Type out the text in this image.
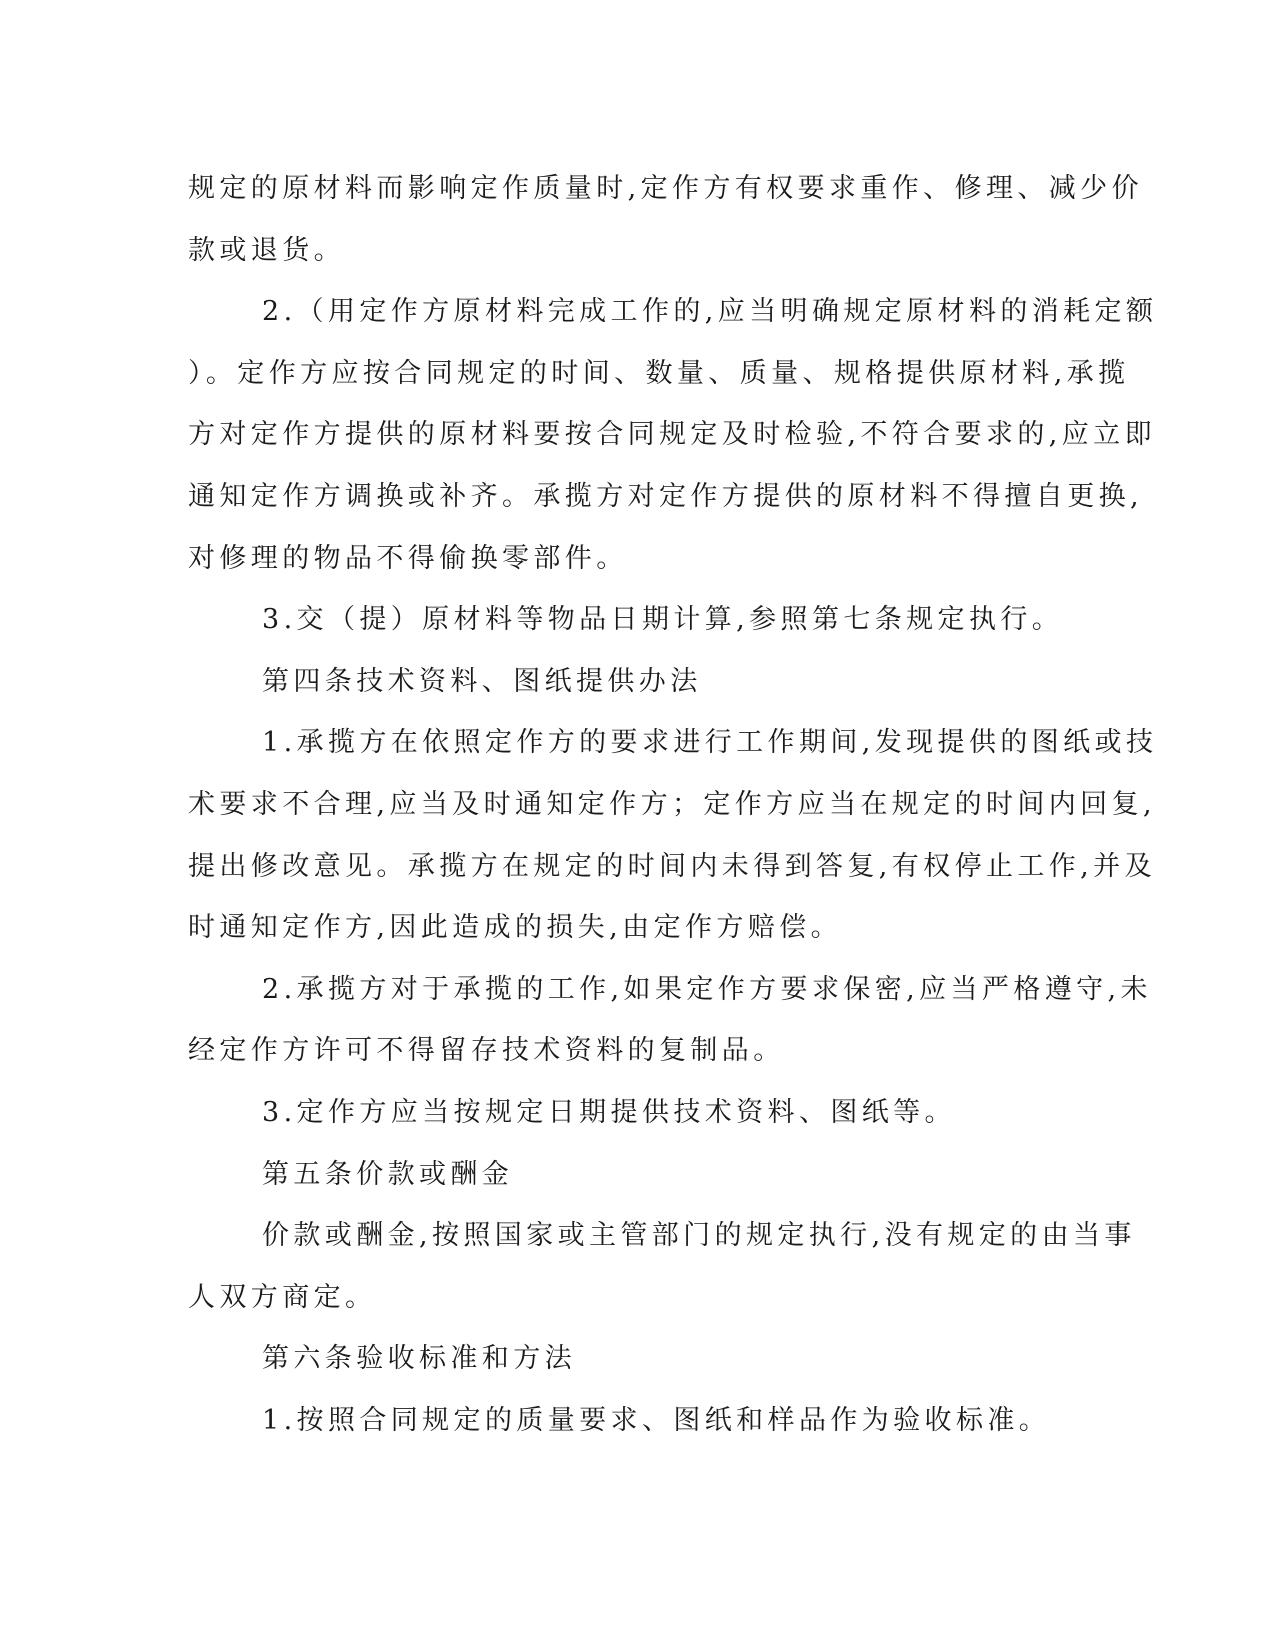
规定的原材料而影响定作质量时,定作方有权要求重作、修理、减少价
款或退货。
2.（用定作方原材料完成工作的,应当明确规定原材料的消耗定额
）。定作方应按合同规定的时间、数量、质量、规格提供原材料,承揽
方对定作方提供的原材料要按合同规定及时检验,不符合要求的,应立即
通知定作方调换或补齐。承揽方对定作方提供的原材料不得擅自更换,
对修理的物品不得偷换零部件。
3.交（提）原材料等物品日期计算,参照第七条规定执行。
第四条技术资料、图纸提供办法
1.承揽方在依照定作方的要求进行工作期间,发现提供的图纸或技
术要求不合理,应当及时通知定作方；定作方应当在规定的时间内回复,
提出修改意见。承揽方在规定的时间内未得到答复,有权停止工作,并及
时通知定作方,因此造成的损失,由定作方赔偿。
2.承揽方对于承揽的工作,如果定作方要求保密,应当严格遵守,未
经定作方许可不得留存技术资料的复制品。
3.定作方应当按规定日期提供技术资料、图纸等。
第五条价款或酬金
价款或酬金,按照国家或主管部门的规定执行,没有规定的由当事
人双方商定。
第六条验收标准和方法
1.按照合同规定的质量要求、图纸和样品作为验收标准。
